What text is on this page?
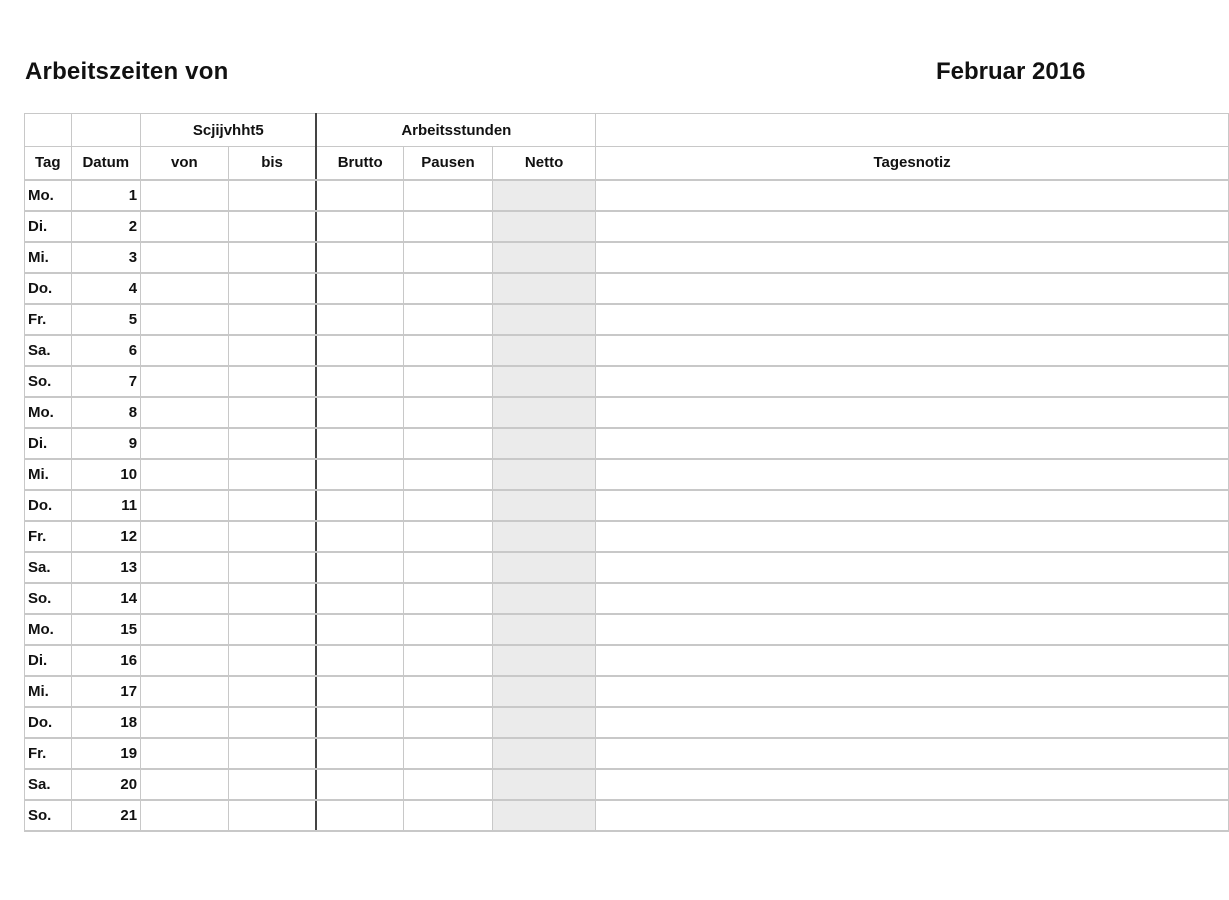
Arbeitszeiten von	Februar 2016
		Scjijvhht5		Arbeitsstunden			
Tag	Datum	von	bis	Brutto	Pausen	Netto	Tagesnotiz
Mo.	1						
Di.	2						
Mi.	3						
Do.	4						
Fr.	5						
Sa.	6						
So.	7						
Mo.	8						
Di.	9						
Mi.	10						
Do.	11						
Fr.	12						
Sa.	13						
So.	14						
Mo.	15						
Di.	16						
Mi.	17						
Do.	18						
Fr.	19						
Sa.	20						
So.	21						
